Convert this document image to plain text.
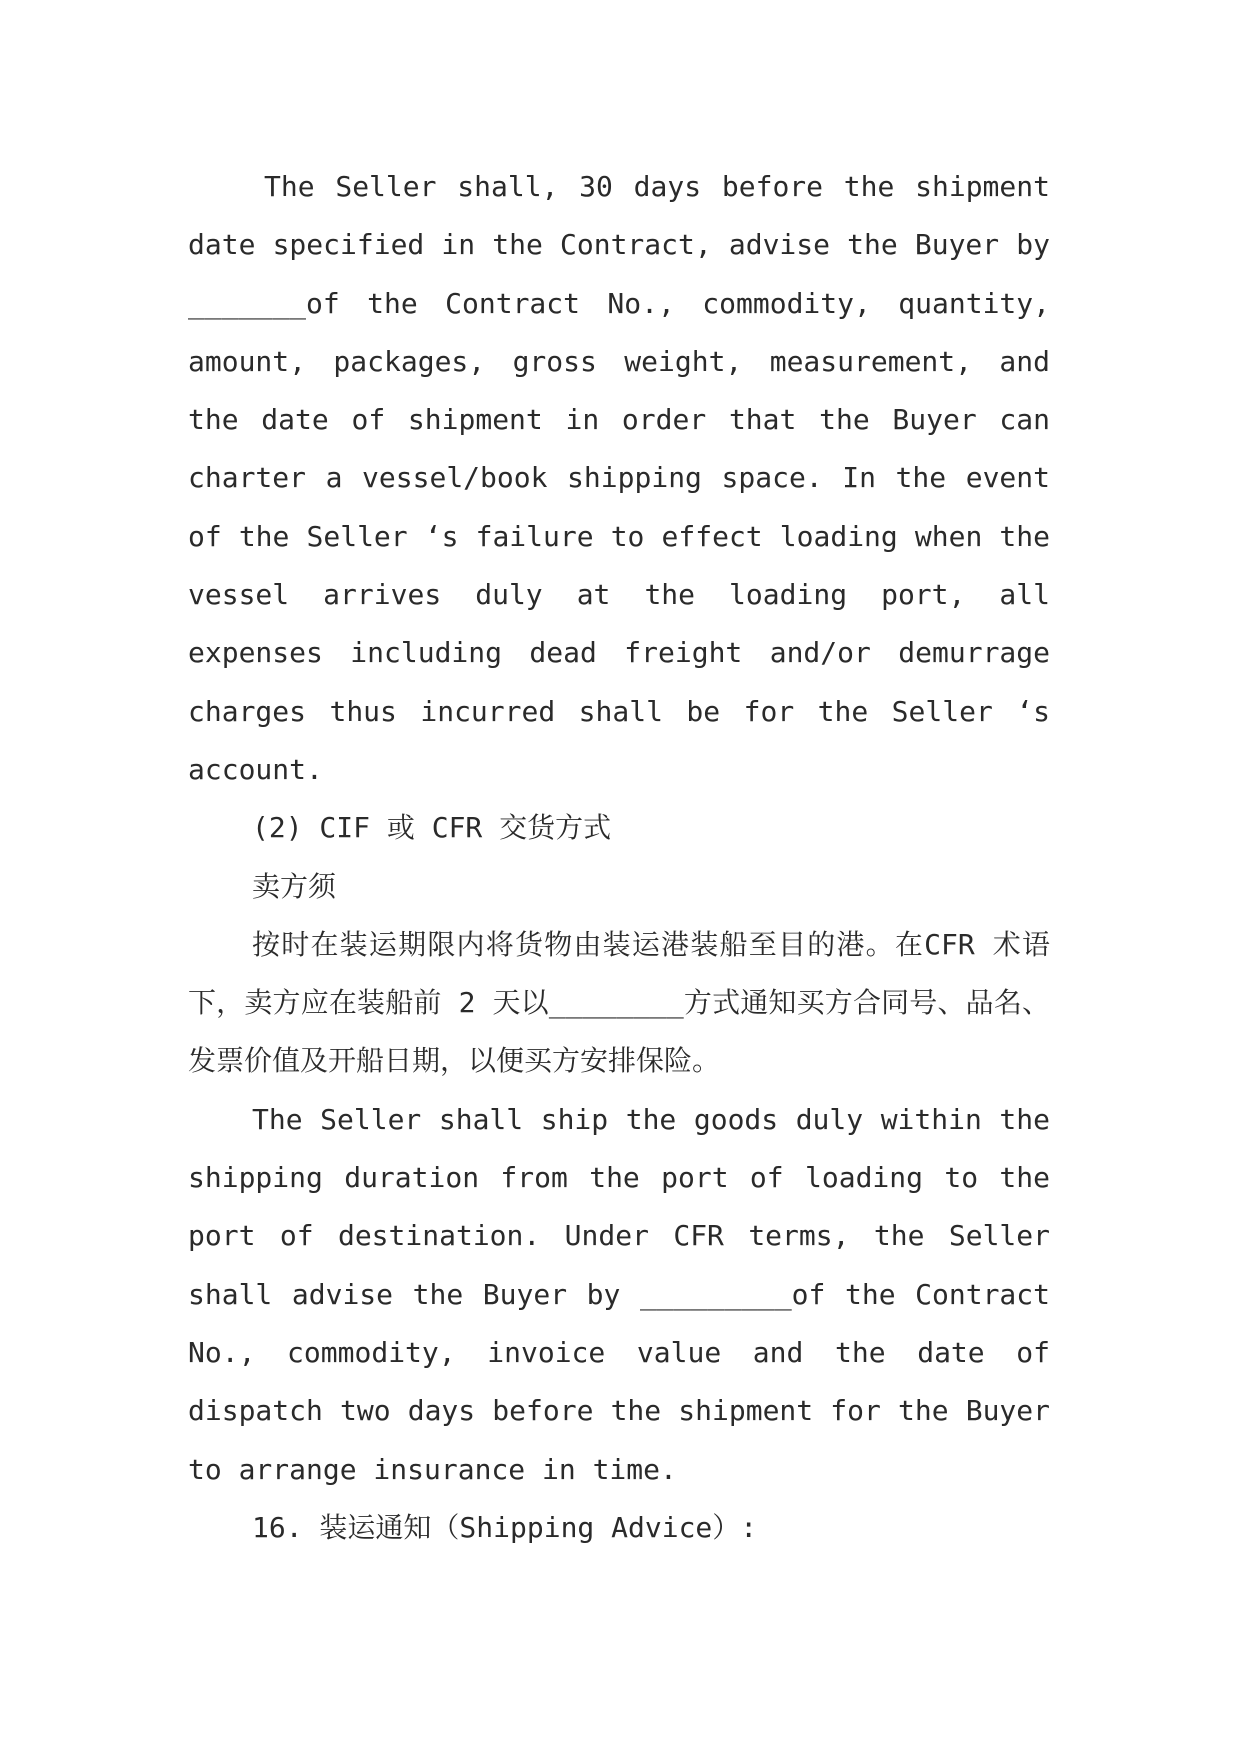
The Seller shall, 30 days before the shipment date specified in the Contract, advise the Buyer by _______of the Contract No., commodity, quantity, amount, packages, gross weight, measurement, and the date of shipment in order that the Buyer can charter a vessel/book shipping space. In the event of the Seller ‘s failure to effect loading when the vessel arrives duly at the loading port, all expenses including dead freight and/or demurrage charges thus incurred shall be for the Seller ‘s account.

(2) CIF 或 CFR 交货方式

卖方须

按时在装运期限内将货物由装运港装船至目的港。在CFR 术语下，卖方应在装船前 2 天以________方式通知买方合同号、品名、发票价值及开船日期，以便买方安排保险。

The Seller shall ship the goods duly within the shipping duration from the port of loading to the port of destination. Under CFR terms, the Seller shall advise the Buyer by _________of the Contract No., commodity, invoice value and the date of dispatch two days before the shipment for the Buyer to arrange insurance in time.

16. 装运通知（Shipping Advice）:
